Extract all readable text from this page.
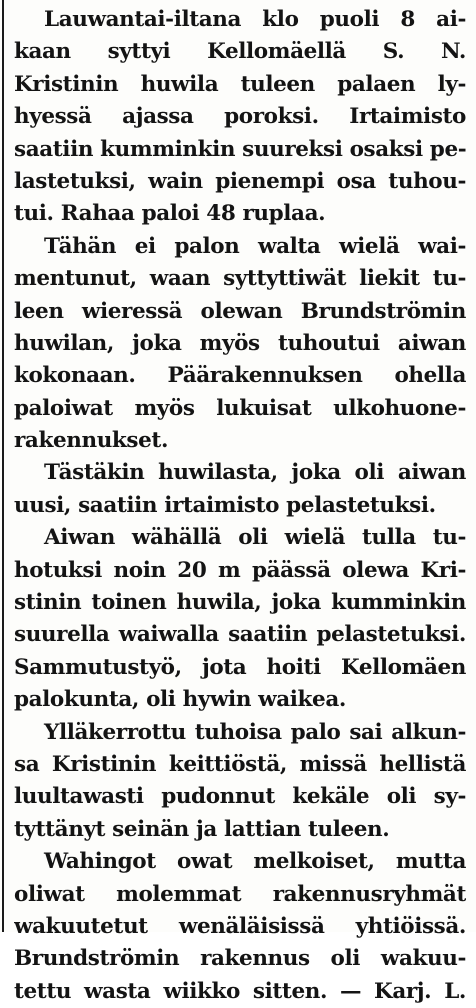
Lauwantai-iltana klo puoli 8 ai-
kaan syttyi Kellomäellä S. N.
Kristinin huwila tuleen palaen ly-
hyessä ajassa poroksi. Irtaimisto
saatiin kumminkin suureksi osaksi pe-
lastetuksi, wain pienempi osa tuhou-
tui. Rahaa paloi 48 ruplaa.
Tähän ei palon walta wielä wai-
mentunut, waan syttyttiwät liekit tu-
leen wieressä olewan Brundströmin
huwilan, joka myös tuhoutui aiwan
kokonaan. Päärakennuksen ohella
paloiwat myös lukuisat ulkohuone-
rakennukset.
Tästäkin huwilasta, joka oli aiwan
uusi, saatiin irtaimisto pelastetuksi.
Aiwan wähällä oli wielä tulla tu-
hotuksi noin 20 m päässä olewa Kri-
stinin toinen huwila, joka kumminkin
suurella waiwalla saatiin pelastetuksi.
Sammutustyö, jota hoiti Kellomäen
palokunta, oli hywin waikea.
Ylläkerrottu tuhoisa palo sai alkun-
sa Kristinin keittiöstä, missä hellistä
luultawasti pudonnut kekäle oli sy-
tyttänyt seinän ja lattian tuleen.
Wahingot owat melkoiset, mutta
oliwat molemmat rakennusryhmät
wakuutetut wenäläisissä yhtiöissä.
Brundströmin rakennus oli wakuu-
tettu wasta wiikko sitten. — Karj. L.
